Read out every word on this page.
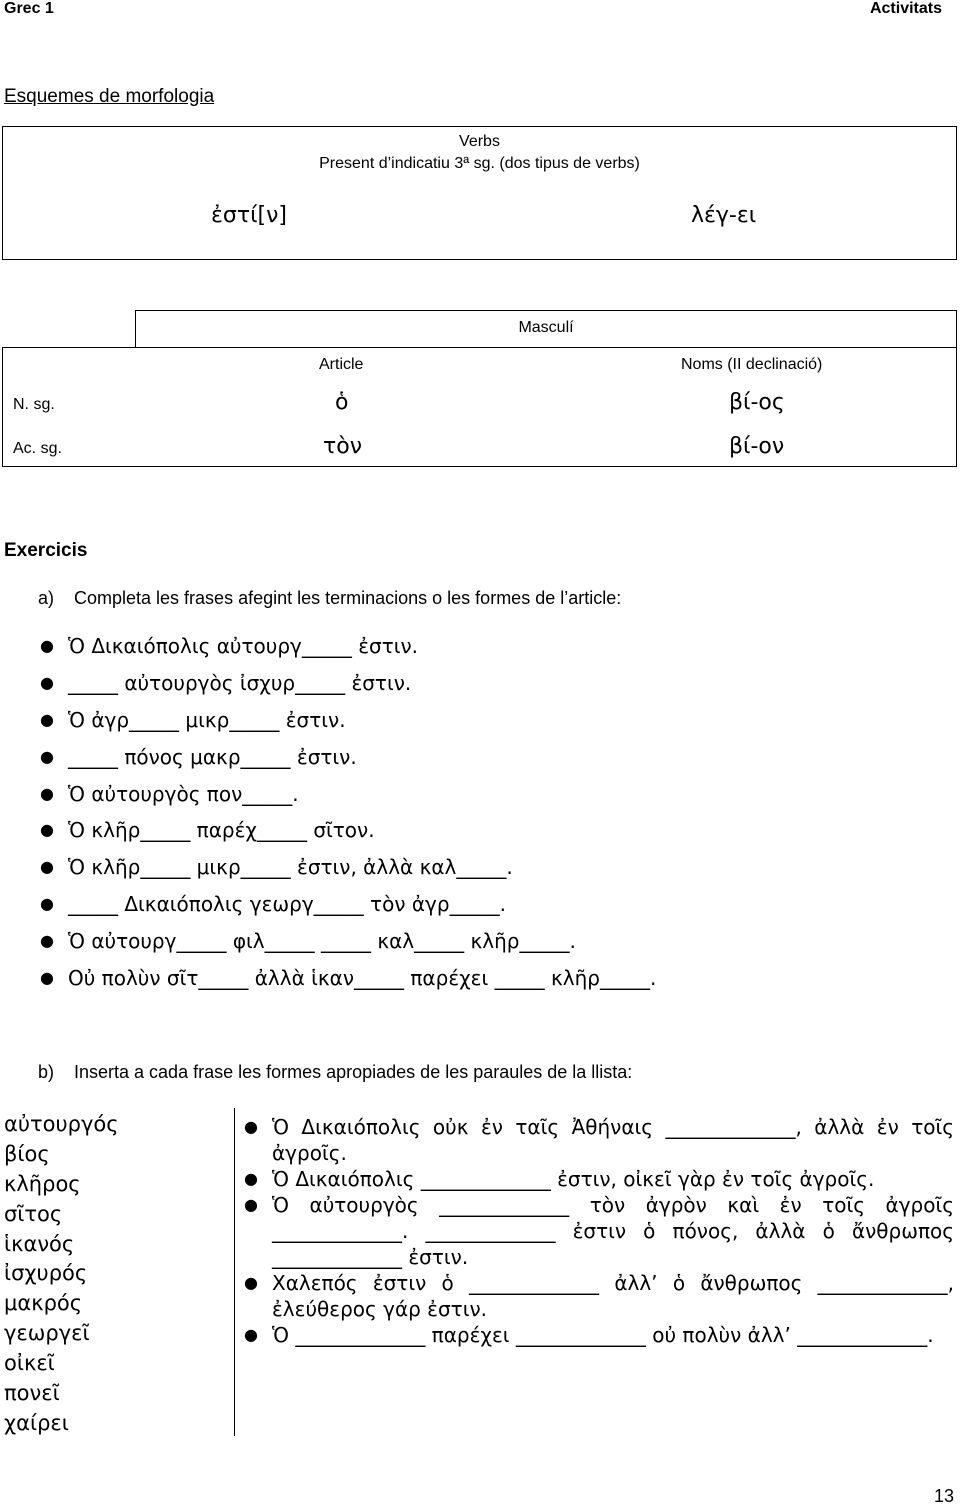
Grec 1	Activitats
Esquemes de morfologia
Verbs
Present d’indicatiu 3ª sg. (dos tipus de verbs)
ἐστί[ν]	λέγ-ει
Masculí
Article	Noms (II declinació)
N. sg.	ὁ	βί-ος
Ac. sg.	τὸν	βί-ον
Exercicis
a) Completa les frases afegint les terminacions o les formes de l’article:
● Ὁ Δικαιόπολις αὐτουργ_____ ἐστιν.
● _____ αὐτουργὸς ἰσχυρ_____ ἐστιν.
● Ὁ ἀγρ_____ μικρ_____ ἐστιν.
● _____ πόνος μακρ_____ ἐστιν.
● Ὁ αὐτουργὸς πον_____.
● Ὁ κλῆρ_____ παρέχ_____ σῖτον.
● Ὁ κλῆρ_____ μικρ_____ ἐστιν, ἀλλὰ καλ_____.
● _____ Δικαιόπολις γεωργ_____ τὸν ἀγρ_____.
● Ὁ αὐτουργ_____ φιλ_____ _____ καλ_____ κλῆρ_____.
● Οὐ πολὺν σῖτ_____ ἀλλὰ ἱκαν_____ παρέχει _____ κλῆρ_____.
b) Inserta a cada frase les formes apropiades de les paraules de la llista:
αὐτουργός
βίος
κλῆρος
σῖτος
ἱκανός
ἰσχυρός
μακρός
γεωργεῖ
οἰκεῖ
πονεῖ
χαίρει
● Ὁ Δικαιόπολις οὐκ ἐν ταῖς Ἀθήναις _____________, ἀλλὰ ἐν τοῖς ἀγροῖς.
● Ὁ Δικαιόπολις _____________ ἐστιν, οἰκεῖ γὰρ ἐν τοῖς ἀγροῖς.
● Ὁ αὐτουργὸς _____________ τὸν ἀγρὸν καὶ ἐν τοῖς ἀγροῖς _____________. _____________ ἐστιν ὁ πόνος, ἀλλὰ ὁ ἄνθρωπος _____________ ἐστιν.
● Χαλεπός ἐστιν ὁ _____________ ἀλλ’ ὁ ἄνθρωπος _____________, ἐλεύθερος γάρ ἐστιν.
● Ὁ _____________ παρέχει _____________ οὐ πολὺν ἀλλ’ _____________.
13
